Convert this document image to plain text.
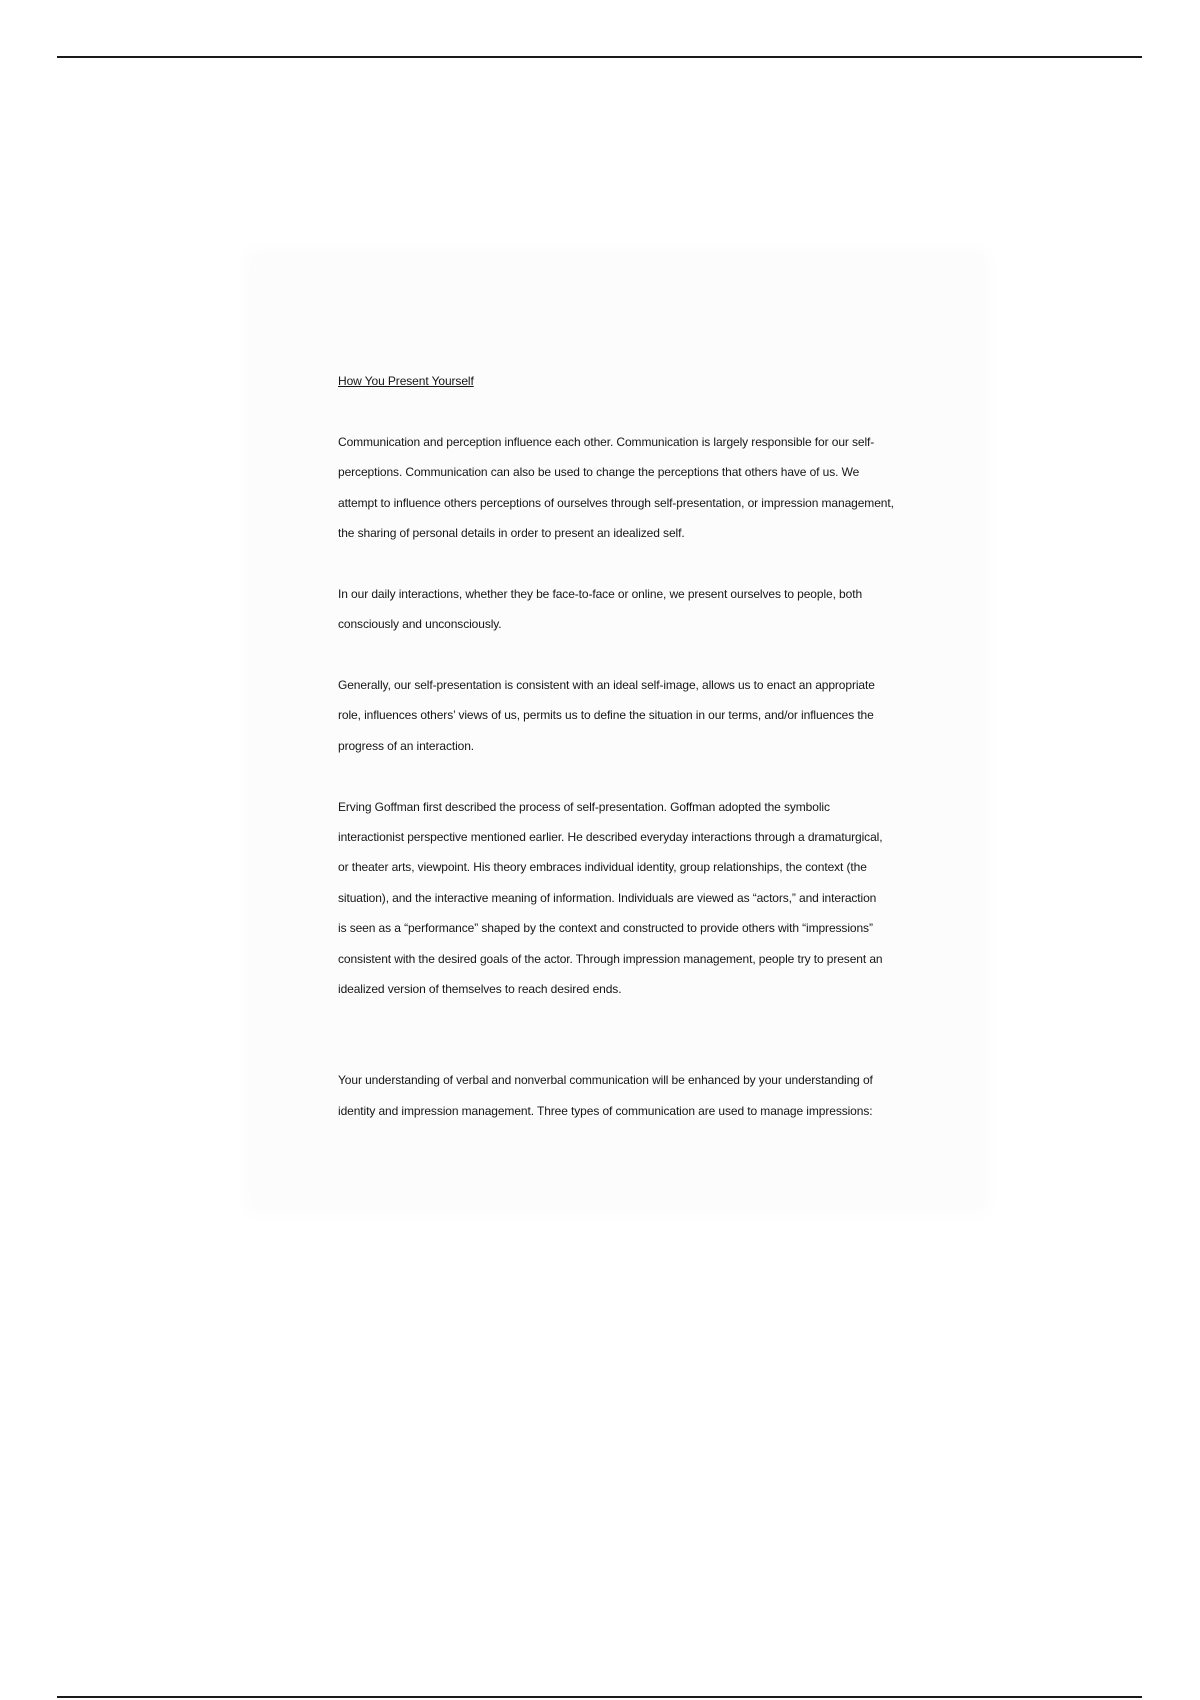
How You Present Yourself
Communication and perception influence each other. Communication is largely responsible for our self-
perceptions. Communication can also be used to change the perceptions that others have of us. We
attempt to influence others perceptions of ourselves through self-presentation, or impression management,
the sharing of personal details in order to present an idealized self.
In our daily interactions, whether they be face-to-face or online, we present ourselves to people, both
consciously and unconsciously.
Generally, our self-presentation is consistent with an ideal self-image, allows us to enact an appropriate
role, influences others’ views of us, permits us to define the situation in our terms, and/or influences the
progress of an interaction.
Erving Goffman first described the process of self-presentation. Goffman adopted the symbolic
interactionist perspective mentioned earlier. He described everyday interactions through a dramaturgical,
or theater arts, viewpoint. His theory embraces individual identity, group relationships, the context (the
situation), and the interactive meaning of information. Individuals are viewed as “actors,” and interaction
is seen as a “performance” shaped by the context and constructed to provide others with “impressions”
consistent with the desired goals of the actor. Through impression management, people try to present an
idealized version of themselves to reach desired ends.
Your understanding of verbal and nonverbal communication will be enhanced by your understanding of
identity and impression management. Three types of communication are used to manage impressions:
